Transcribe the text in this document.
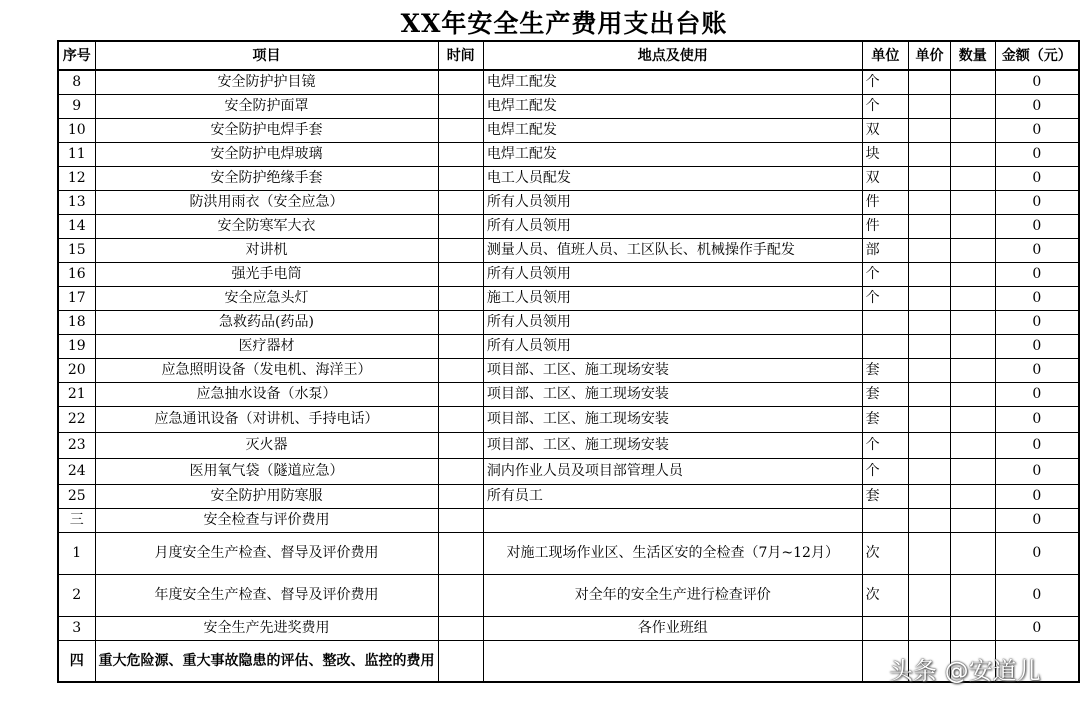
XX年安全生产费用支出台账
序号	项目	时间	地点及使用	单位	单价	数量	金额（元）
8	安全防护护目镜		电焊工配发	个			0
9	安全防护面罩		电焊工配发	个			0
10	安全防护电焊手套		电焊工配发	双			0
11	安全防护电焊玻璃		电焊工配发	块			0
12	安全防护绝缘手套		电工人员配发	双			0
13	防洪用雨衣（安全应急）		所有人员领用	件			0
14	安全防寒军大衣		所有人员领用	件			0
15	对讲机		测量人员、值班人员、工区队长、机械操作手配发	部			0
16	强光手电筒		所有人员领用	个			0
17	安全应急头灯		施工人员领用	个			0
18	急救药品(药品)		所有人员领用				0
19	医疗器材		所有人员领用				0
20	应急照明设备（发电机、海洋王）		项目部、工区、施工现场安装	套			0
21	应急抽水设备（水泵）		项目部、工区、施工现场安装	套			0
22	应急通讯设备（对讲机、手持电话）		项目部、工区、施工现场安装	套			0
23	灭火器		项目部、工区、施工现场安装	个			0
24	医用氧气袋（隧道应急）		洞内作业人员及项目部管理人员	个			0
25	安全防护用防寒服		所有员工	套			0
三	安全检查与评价费用						0
1	月度安全生产检查、督导及评价费用		对施工现场作业区、生活区安的全检查（7月~12月）	次			0
2	年度安全生产检查、督导及评价费用		对全年的安全生产进行检查评价	次			0
3	安全生产先进奖费用		各作业班组				0
四	重大危险源、重大事故隐患的评估、整改、监控的费用							头条 @安道儿
